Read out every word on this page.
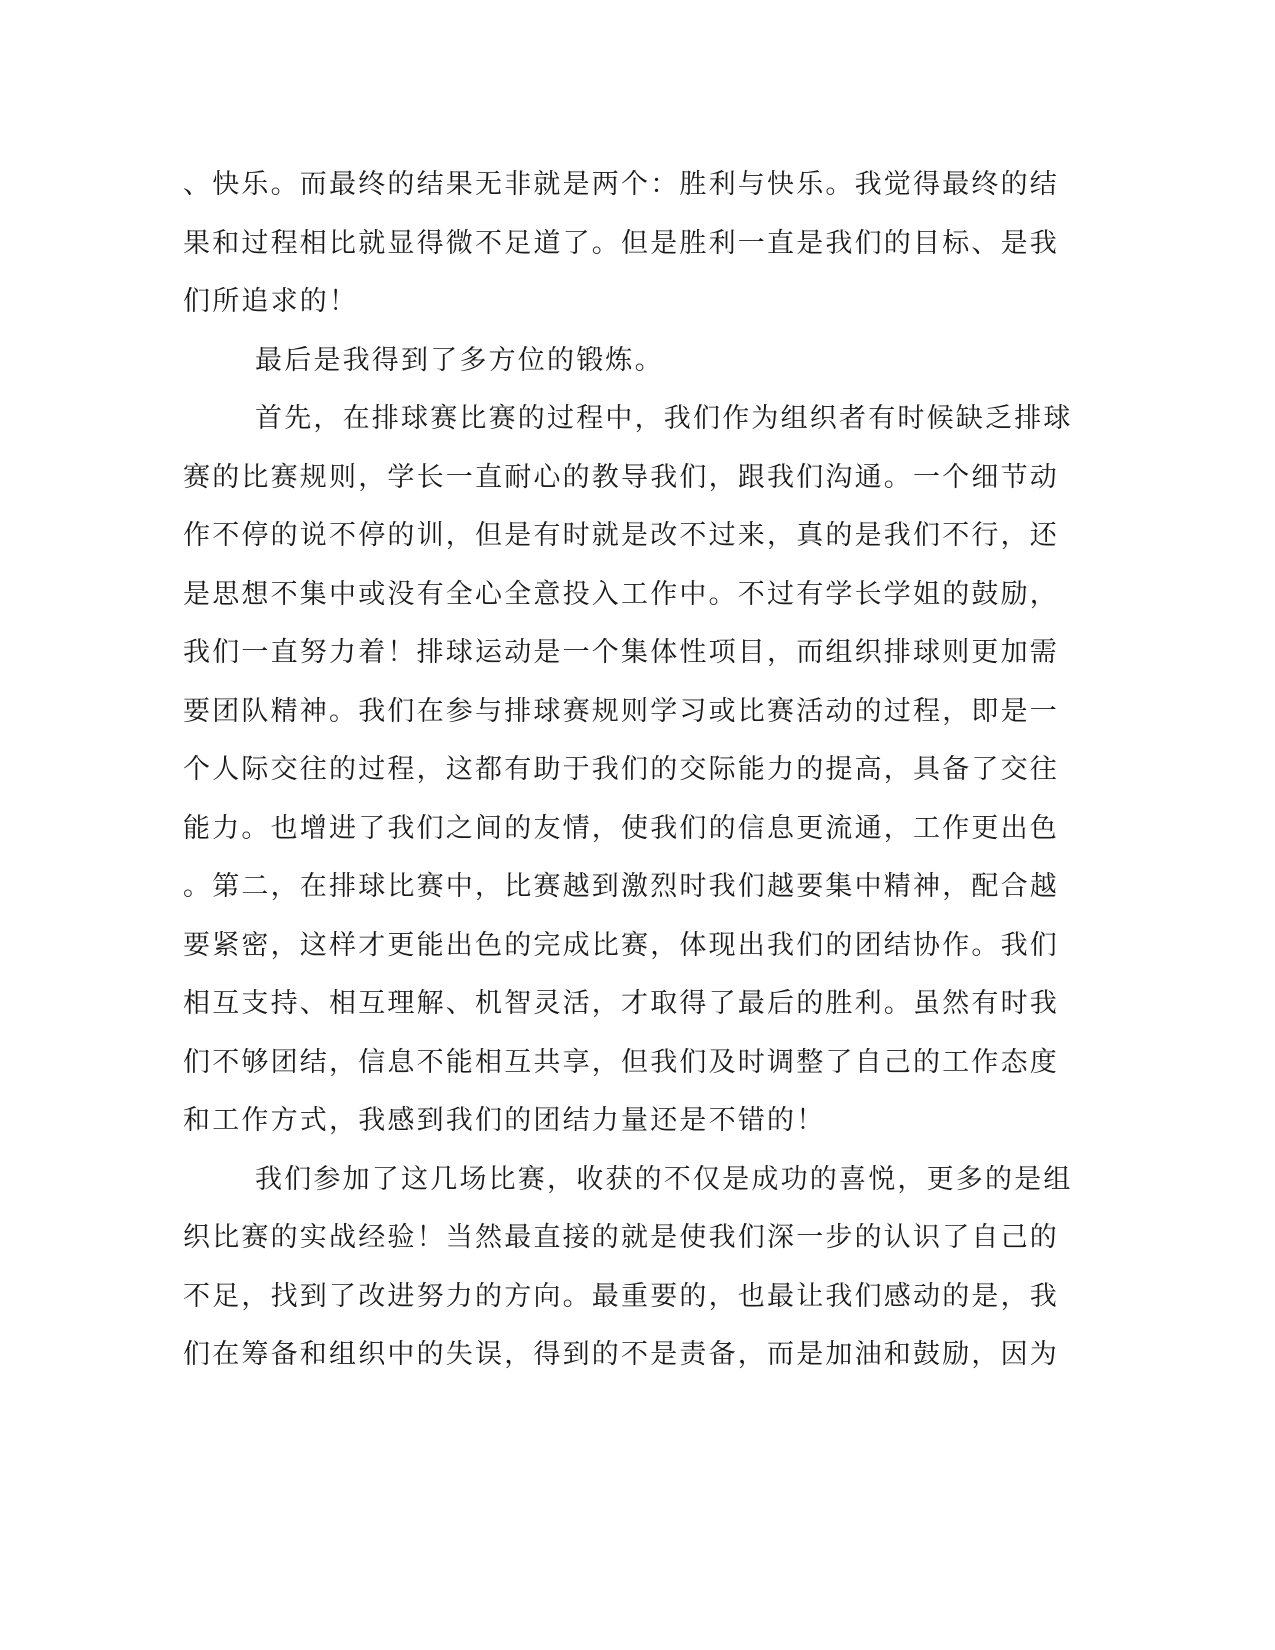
、快乐。而最终的结果无非就是两个：胜利与快乐。我觉得最终的结
果和过程相比就显得微不足道了。但是胜利一直是我们的目标、是我
们所追求的！
最后是我得到了多方位的锻炼。
首先，在排球赛比赛的过程中，我们作为组织者有时候缺乏排球
赛的比赛规则，学长一直耐心的教导我们，跟我们沟通。一个细节动
作不停的说不停的训，但是有时就是改不过来，真的是我们不行，还
是思想不集中或没有全心全意投入工作中。不过有学长学姐的鼓励，
我们一直努力着！排球运动是一个集体性项目，而组织排球则更加需
要团队精神。我们在参与排球赛规则学习或比赛活动的过程，即是一
个人际交往的过程，这都有助于我们的交际能力的提高，具备了交往
能力。也增进了我们之间的友情，使我们的信息更流通，工作更出色
。第二，在排球比赛中，比赛越到激烈时我们越要集中精神，配合越
要紧密，这样才更能出色的完成比赛，体现出我们的团结协作。我们
相互支持、相互理解、机智灵活，才取得了最后的胜利。虽然有时我
们不够团结，信息不能相互共享，但我们及时调整了自己的工作态度
和工作方式，我感到我们的团结力量还是不错的！
我们参加了这几场比赛，收获的不仅是成功的喜悦，更多的是组
织比赛的实战经验！当然最直接的就是使我们深一步的认识了自己的
不足，找到了改进努力的方向。最重要的，也最让我们感动的是，我
们在筹备和组织中的失误，得到的不是责备，而是加油和鼓励，因为
